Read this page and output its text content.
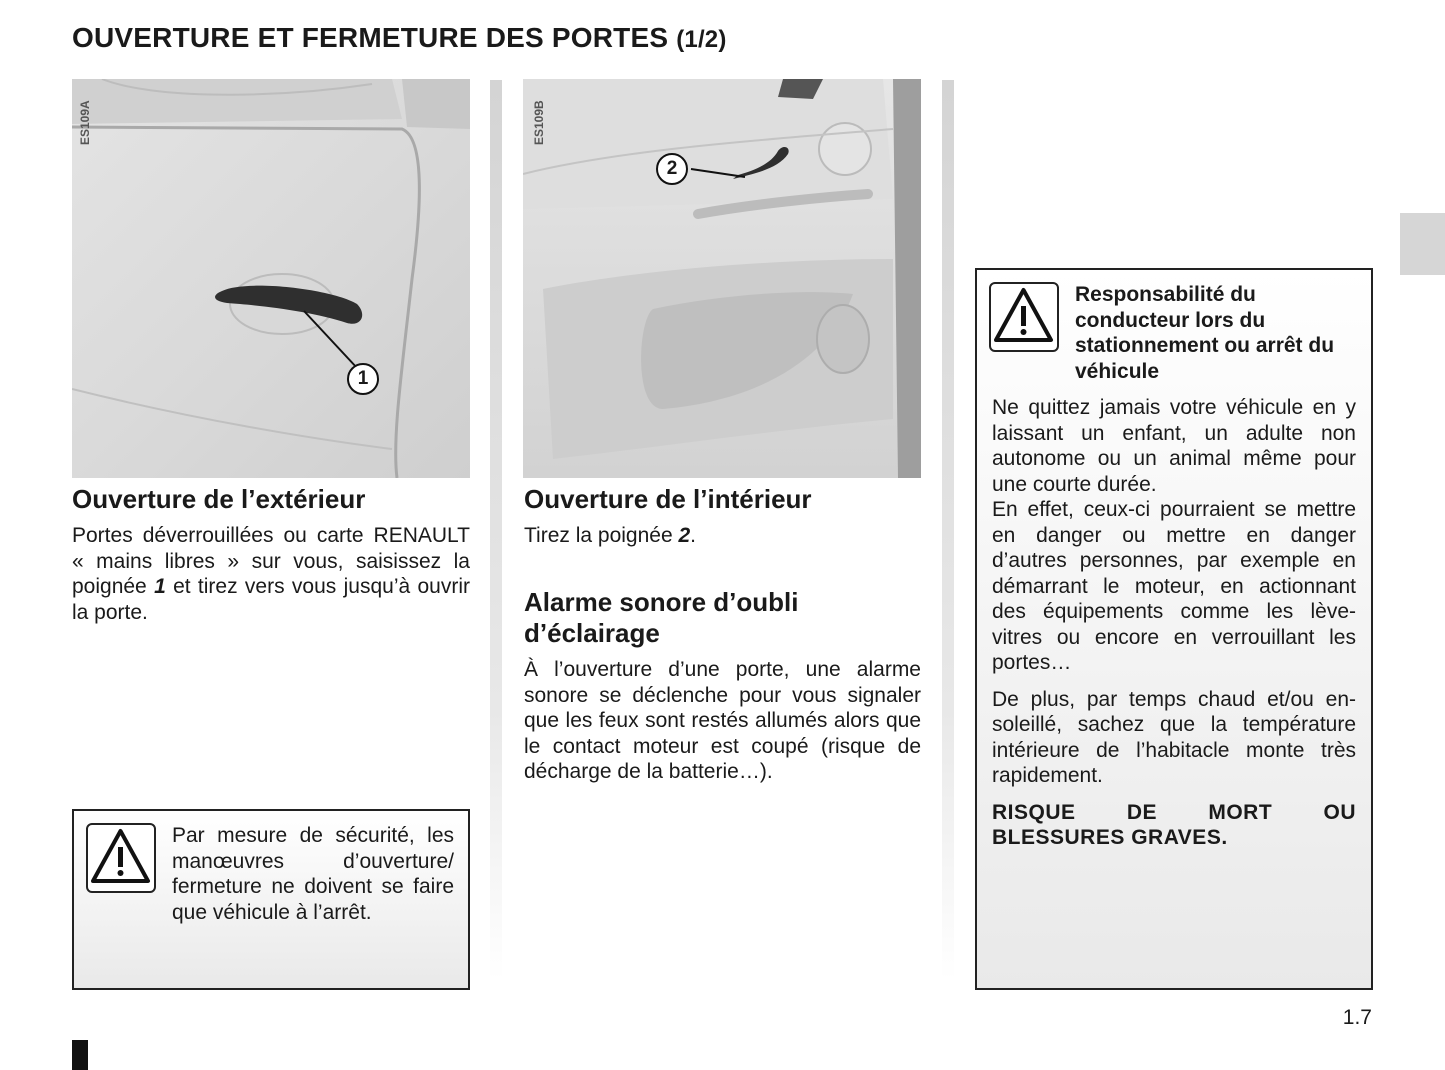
OUVERTURE ET FERMETURE DES PORTES (1/2)
ES109A
1
Ouverture de l’extérieur
Portes déverrouillées ou carte RENAULT « mains libres » sur vous, saisissez la poignée 1 et tirez vers vous jusqu’à ouvrir la porte.
Par mesure de sécurité, les manœuvres d’ouverture/ fermeture ne doivent se faire que véhicule à l’arrêt.
ES109B
2
Ouverture de l’intérieur
Tirez la poignée 2.
Alarme sonore d’oubli
d’éclairage
À l’ouverture d’une porte, une alarme sonore se déclenche pour vous signaler que les feux sont restés allumés alors que le contact moteur est coupé (risque de décharge de la batterie…).
Responsabilité du conducteur lors du stationnement ou arrêt du véhicule
Ne quittez jamais votre véhicule en y laissant un enfant, un adulte non autonome ou un animal même pour une courte durée.
En effet, ceux-ci pourraient se mettre en danger ou mettre en danger d’autres personnes, par exemple en démarrant le moteur, en actionnant des équipements comme les lève-vitres ou encore en verrouillant les portes…
De plus, par temps chaud et/ou ensoleillé, sachez que la température intérieure de l’habitacle monte très rapidement.
RISQUE DE MORT OU BLESSURES GRAVES.
1.7
